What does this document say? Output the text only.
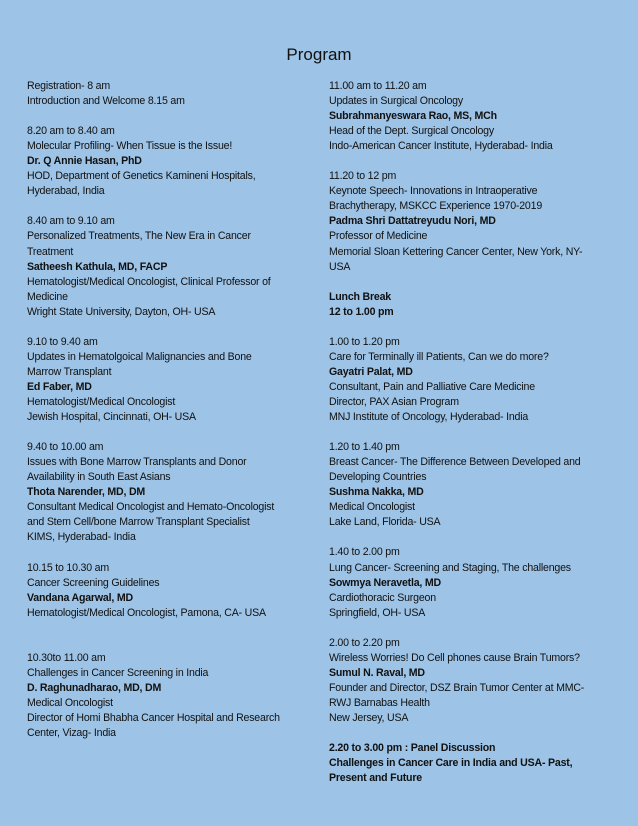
Program
Registration- 8 am
Introduction and Welcome 8.15 am
8.20 am to 8.40 am
Molecular Profiling- When Tissue is the Issue!
Dr. Q Annie Hasan, PhD
HOD, Department of Genetics Kamineni Hospitals,
Hyderabad, India
8.40 am to 9.10 am
Personalized Treatments, The New Era in Cancer
Treatment
Satheesh Kathula, MD, FACP
Hematologist/Medical Oncologist, Clinical Professor of
Medicine
Wright State University, Dayton, OH- USA
9.10 to 9.40 am
Updates in Hematolgoical Malignancies and Bone
Marrow Transplant
Ed Faber, MD
Hematologist/Medical Oncologist
Jewish Hospital, Cincinnati, OH- USA
9.40 to 10.00 am
Issues with Bone Marrow Transplants and Donor
Availability in South East Asians
Thota Narender, MD, DM
Consultant Medical Oncologist and Hemato-Oncologist
and Stem Cell/bone Marrow Transplant Specialist
KIMS, Hyderabad- India
10.15 to 10.30 am
Cancer Screening Guidelines
Vandana Agarwal, MD
Hematologist/Medical Oncologist, Pamona, CA- USA
10.30to 11.00 am
Challenges in Cancer Screening in India
D. Raghunadharao, MD, DM
Medical Oncologist
Director of Homi Bhabha Cancer Hospital and Research
Center, Vizag- India
11.00 am to 11.20 am
Updates in Surgical Oncology
Subrahmanyeswara Rao, MS, MCh
Head of the Dept. Surgical Oncology
Indo-American Cancer Institute, Hyderabad- India
11.20 to 12 pm
Keynote Speech- Innovations in Intraoperative
Brachytherapy, MSKCC Experience 1970-2019
Padma Shri Dattatreyudu Nori, MD
Professor of Medicine
Memorial Sloan Kettering Cancer Center, New York, NY-
USA
Lunch Break
12 to 1.00 pm
1.00 to 1.20 pm
Care for Terminally ill Patients, Can we do more?
Gayatri Palat, MD
Consultant, Pain and Palliative Care Medicine
Director, PAX Asian Program
MNJ Institute of Oncology, Hyderabad- India
1.20 to 1.40 pm
Breast Cancer- The Difference Between Developed and
Developing Countries
Sushma Nakka, MD
Medical Oncologist
Lake Land, Florida- USA
1.40 to 2.00 pm
Lung Cancer- Screening and Staging, The challenges
Sowmya Neravetla, MD
Cardiothoracic Surgeon
Springfield, OH- USA
2.00 to 2.20 pm
Wireless Worries! Do Cell phones cause Brain Tumors?
Sumul N. Raval, MD
Founder and Director, DSZ Brain Tumor Center at MMC-
RWJ Barnabas Health
New Jersey, USA
2.20 to 3.00 pm : Panel Discussion
Challenges in Cancer Care in India and USA- Past,
Present and Future
